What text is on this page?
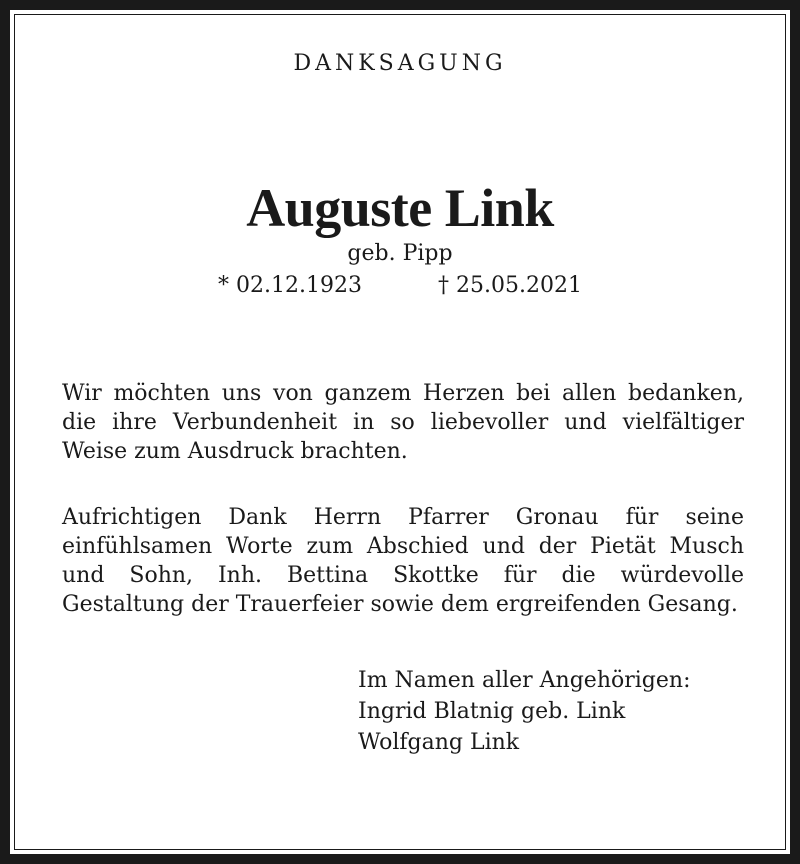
DANKSAGUNG
Auguste Link
geb. Pipp
* 02.12.1923	† 25.05.2021
Wir möchten uns von ganzem Herzen bei allen bedanken, die ihre Verbundenheit in so liebevoller und vielfältiger Weise zum Ausdruck brachten.
Aufrichtigen Dank Herrn Pfarrer Gronau für seine einfühlsamen Worte zum Abschied und der Pietät Musch und Sohn, Inh. Bettina Skottke für die würdevolle Gestaltung der Trauerfeier sowie dem ergreifenden Gesang.
Im Namen aller Angehörigen:
Ingrid Blatnig geb. Link
Wolfgang Link
